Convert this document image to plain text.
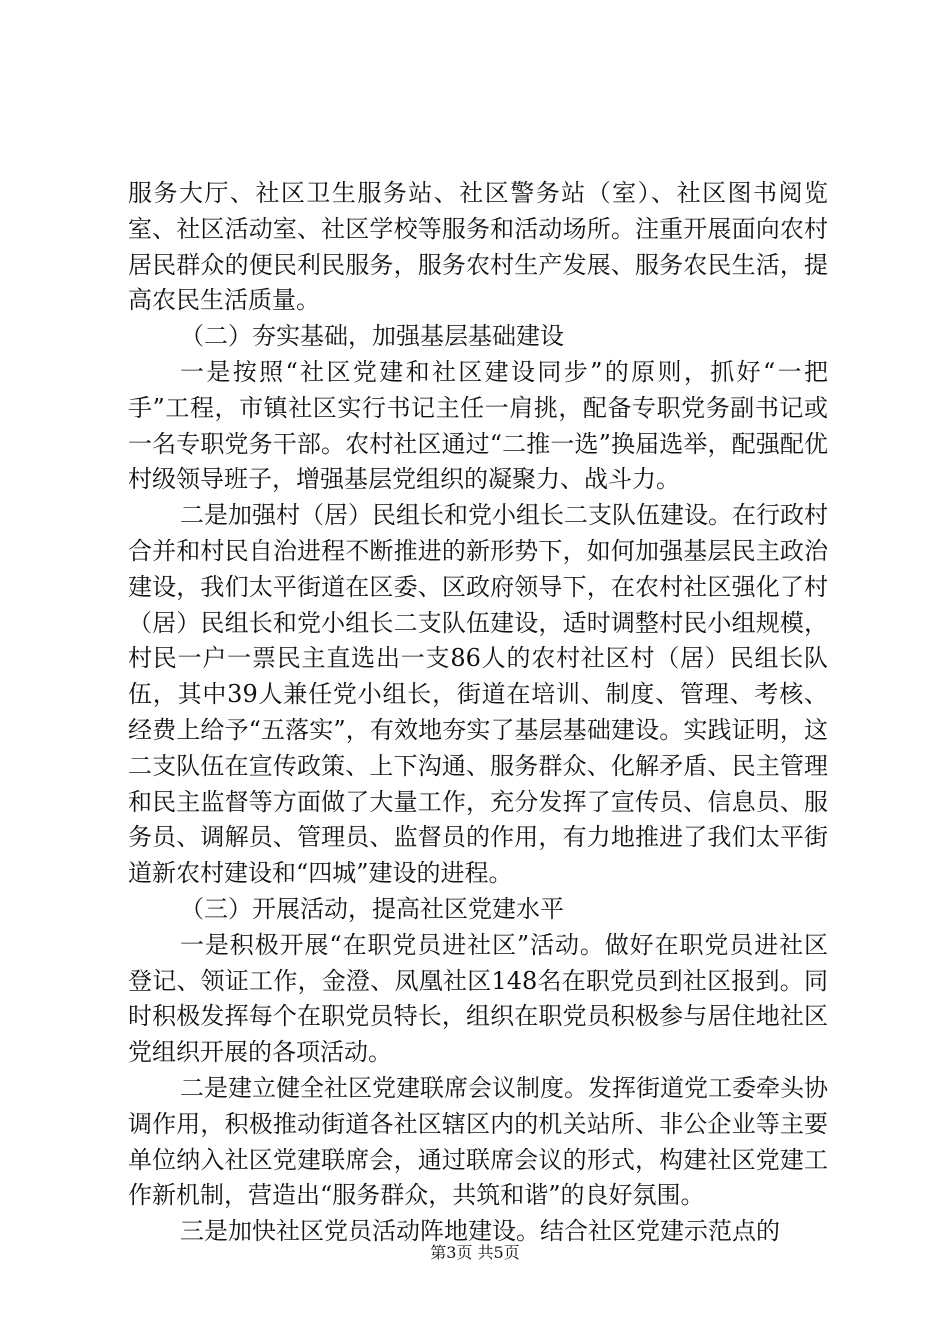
服务大厅、社区卫生服务站、社区警务站（室）、社区图书阅览室、社区活动室、社区学校等服务和活动场所。注重开展面向农村居民群众的便民利民服务，服务农村生产发展、服务农民生活，提高农民生活质量。

（二）夯实基础，加强基层基础建设

一是按照“社区党建和社区建设同步”的原则，抓好“一把手”工程，市镇社区实行书记主任一肩挑，配备专职党务副书记或一名专职党务干部。农村社区通过“二推一选”换届选举，配强配优村级领导班子，增强基层党组织的凝聚力、战斗力。

二是加强村（居）民组长和党小组长二支队伍建设。在行政村合并和村民自治进程不断推进的新形势下，如何加强基层民主政治建设，我们太平街道在区委、区政府领导下，在农村社区强化了村（居）民组长和党小组长二支队伍建设，适时调整村民小组规模，村民一户一票民主直选出一支86人的农村社区村（居）民组长队伍，其中39人兼任党小组长，街道在培训、制度、管理、考核、经费上给予“五落实”，有效地夯实了基层基础建设。实践证明，这二支队伍在宣传政策、上下沟通、服务群众、化解矛盾、民主管理和民主监督等方面做了大量工作，充分发挥了宣传员、信息员、服务员、调解员、管理员、监督员的作用，有力地推进了我们太平街道新农村建设和“四城”建设的进程。

（三）开展活动，提高社区党建水平

一是积极开展“在职党员进社区”活动。做好在职党员进社区登记、领证工作，金澄、凤凰社区148名在职党员到社区报到。同时积极发挥每个在职党员特长，组织在职党员积极参与居住地社区党组织开展的各项活动。

二是建立健全社区党建联席会议制度。发挥街道党工委牵头协调作用，积极推动街道各社区辖区内的机关站所、非公企业等主要单位纳入社区党建联席会，通过联席会议的形式，构建社区党建工作新机制，营造出“服务群众，共筑和谐”的良好氛围。

三是加快社区党员活动阵地建设。结合社区党建示范点的

第3页 共5页
